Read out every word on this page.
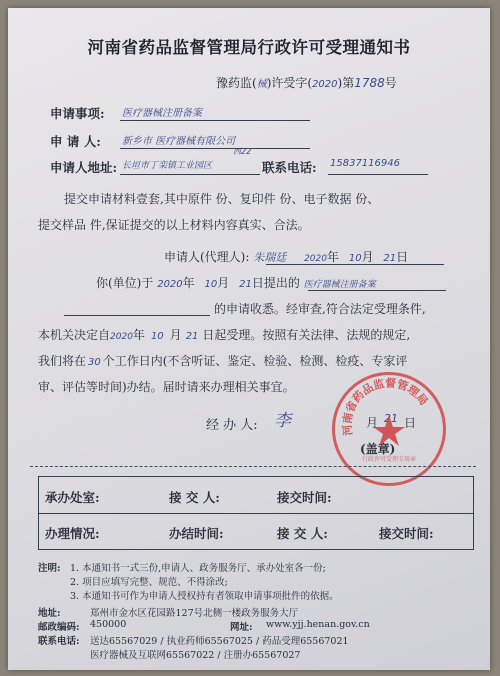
河南省药品监督管理局行政许可受理通知书
豫药监(械)许受字(2020)第1788号
申请事项: 医疗器械注册备案
申 请 人: 新乡市 医疗器械有限公司
申请人地址:
西22
长垣市丁栾镇工业园区	联系电话: 15837116946
提交申请材料壹套,其中原件 份、复印件 份、电子数据 份、
提交样品 件,保证提交的以上材料内容真实、合法。
申请人(代理人): 朱瑞廷 2020年 10月 21日
你(单位)于 2020年 10月 21日提出的 医疗器械注册备案
的申请收悉。经审查,符合法定受理条件,
本机关决定自2020年 10 月 21 日起受理。按照有关法律、法规的规定,
我们将在 30 个工作日内(不含听证、鉴定、检验、检测、检疫、专家评
审、评估等时间)办结。届时请来办理相关事宜。
经 办 人: 李	月 21 日
(盖章)
河南省药品监督管理局
行政许可受理专用章
承办处室:	接 交 人:	接交时间:
办理情况:	办结时间:	接 交 人:	接交时间:
注明: 1. 本通知书一式三份,申请人、政务服务厅、承办处室各一份;
2. 项目应填写完整、规范、不得涂改;
3. 本通知书可作为申请人授权持有者领取申请事项批件的依据。
地址:	郑州市金水区花园路127号北侧一楼政务服务大厅
邮政编码: 450000	网址: www.yjj.henan.gov.cn
联系电话: 送达65567029 / 执业药师65567025 / 药品受理65567021
医疗器械及互联网65567022 / 注册办65567027
